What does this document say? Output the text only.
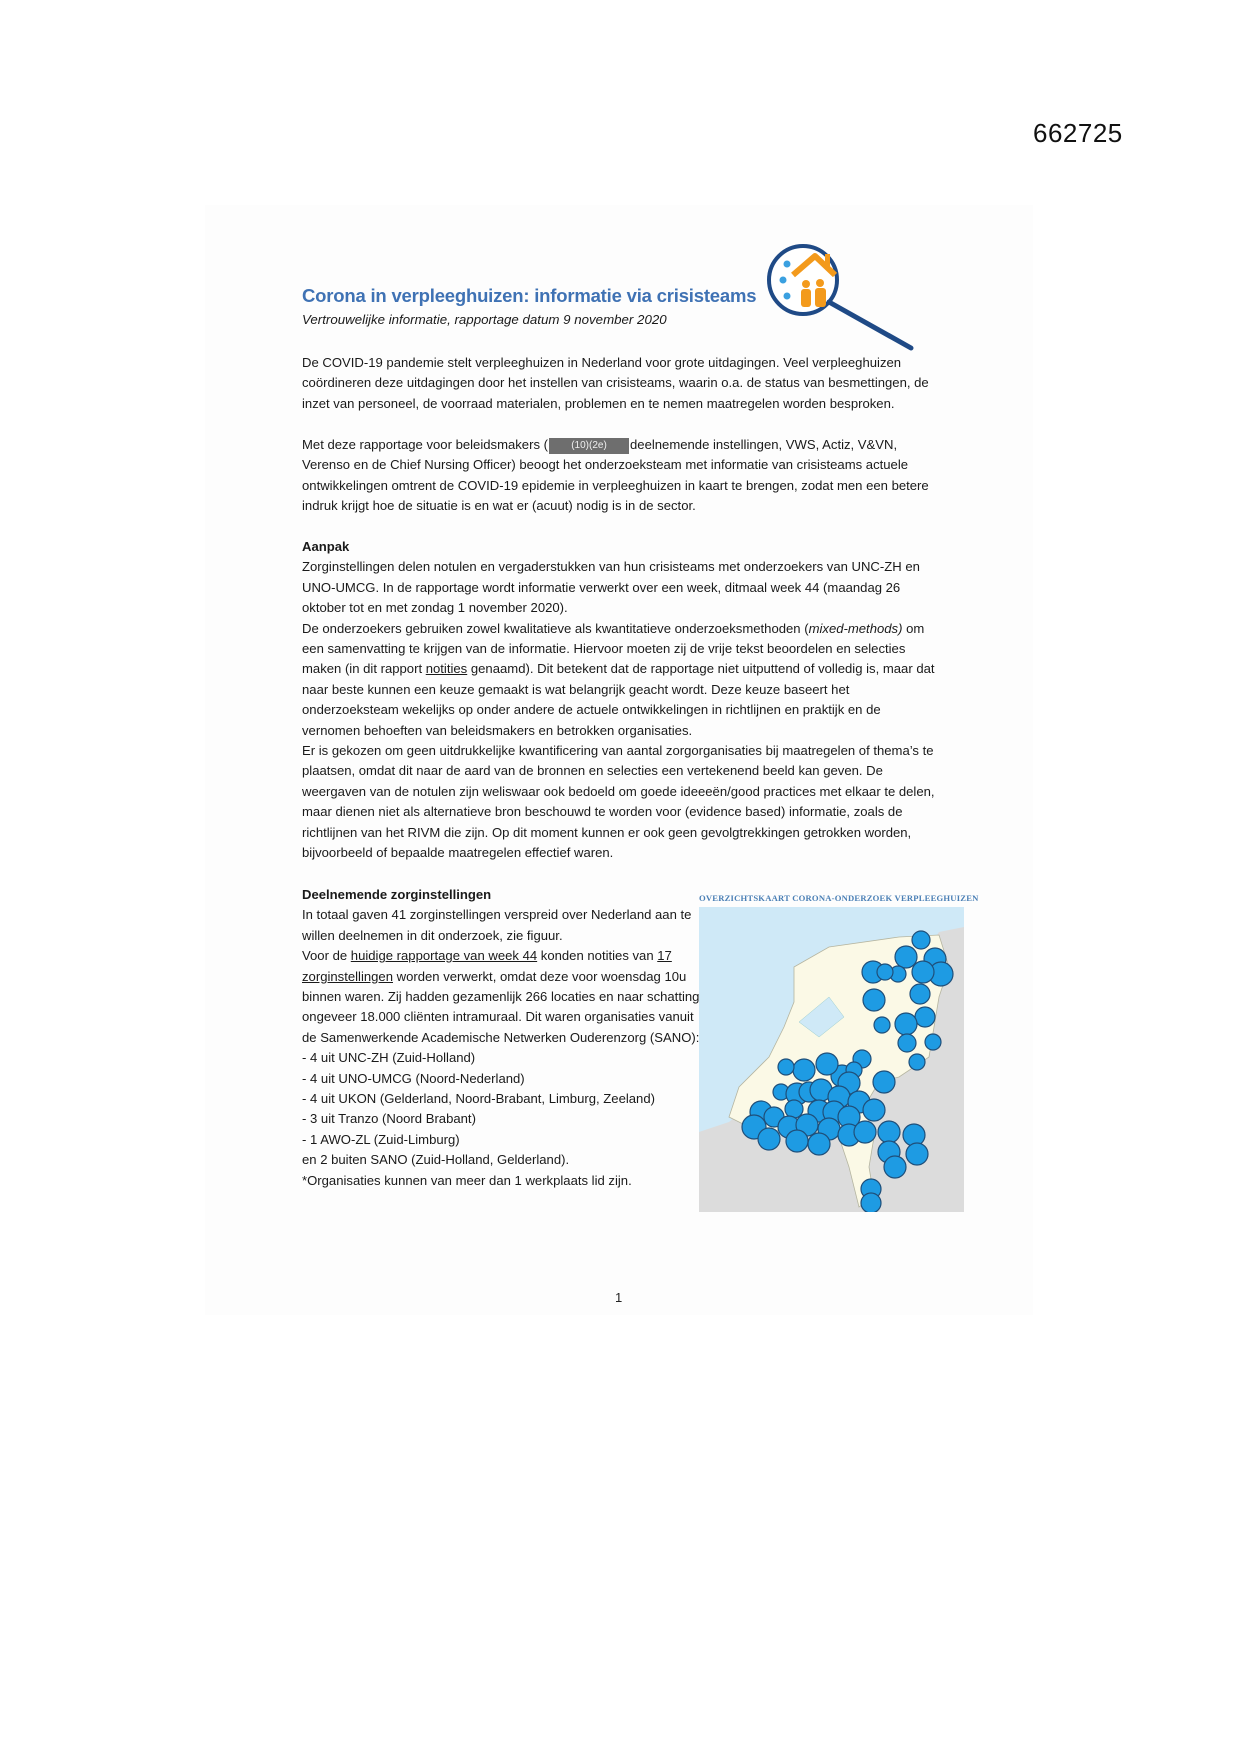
662725
Corona in verpleeghuizen: informatie via crisisteams
Vertrouwelijke informatie, rapportage datum 9 november 2020

De COVID-19 pandemie stelt verpleeghuizen in Nederland voor grote uitdagingen. Veel verpleeghuizen coördineren deze uitdagingen door het instellen van crisisteams, waarin o.a. de status van besmettingen, de inzet van personeel, de voorraad materialen, problemen en te nemen maatregelen worden besproken.

Met deze rapportage voor beleidsmakers ( (10)(2e) deelnemende instellingen, VWS, Actiz, V&VN, Verenso en de Chief Nursing Officer) beoogt het onderzoeksteam met informatie van crisisteams actuele ontwikkelingen omtrent de COVID-19 epidemie in verpleeghuizen in kaart te brengen, zodat men een betere indruk krijgt hoe de situatie is en wat er (acuut) nodig is in de sector.

Aanpak

Zorginstellingen delen notulen en vergaderstukken van hun crisisteams met onderzoekers van UNC-ZH en UNO-UMCG. In de rapportage wordt informatie verwerkt over een week, ditmaal week 44 (maandag 26 oktober tot en met zondag 1 november 2020).

De onderzoekers gebruiken zowel kwalitatieve als kwantitatieve onderzoeksmethoden (mixed-methods) om een samenvatting te krijgen van de informatie. Hiervoor moeten zij de vrije tekst beoordelen en selecties maken (in dit rapport notities genaamd). Dit betekent dat de rapportage niet uitputtend of volledig is, maar dat naar beste kunnen een keuze gemaakt is wat belangrijk geacht wordt. Deze keuze baseert het onderzoeksteam wekelijks op onder andere de actuele ontwikkelingen in richtlijnen en praktijk en de vernomen behoeften van beleidsmakers en betrokken organisaties.

Er is gekozen om geen uitdrukkelijke kwantificering van aantal zorgorganisaties bij maatregelen of thema’s te plaatsen, omdat dit naar de aard van de bronnen en selecties een vertekenend beeld kan geven. De weergaven van de notulen zijn weliswaar ook bedoeld om goede ideeeën/good practices met elkaar te delen, maar dienen niet als alternatieve bron beschouwd te worden voor (evidence based) informatie, zoals de richtlijnen van het RIVM die zijn. Op dit moment kunnen er ook geen gevolgtrekkingen getrokken worden, bijvoorbeeld of bepaalde maatregelen effectief waren.

Deelnemende zorginstellingen

In totaal gaven 41 zorginstellingen verspreid over Nederland aan te willen deelnemen in dit onderzoek, zie figuur.

Voor de huidige rapportage van week 44 konden notities van 17 zorginstellingen worden verwerkt, omdat deze voor woensdag 10u binnen waren. Zij hadden gezamenlijk 266 locaties en naar schatting ongeveer 18.000 cliënten intramuraal. Dit waren organisaties vanuit de Samenwerkende Academische Netwerken Ouderenzorg (SANO):

- 4 uit UNC-ZH (Zuid-Holland)

- 4 uit UNO-UMCG (Noord-Nederland)

- 4 uit UKON (Gelderland, Noord-Brabant, Limburg, Zeeland)

- 3 uit Tranzo (Noord Brabant)

- 1 AWO-ZL (Zuid-Limburg)

en 2 buiten SANO (Zuid-Holland, Gelderland).

*Organisaties kunnen van meer dan 1 werkplaats lid zijn.

OVERZICHTSKAART CORONA-ONDERZOEK VERPLEEGHUIZEN
1
